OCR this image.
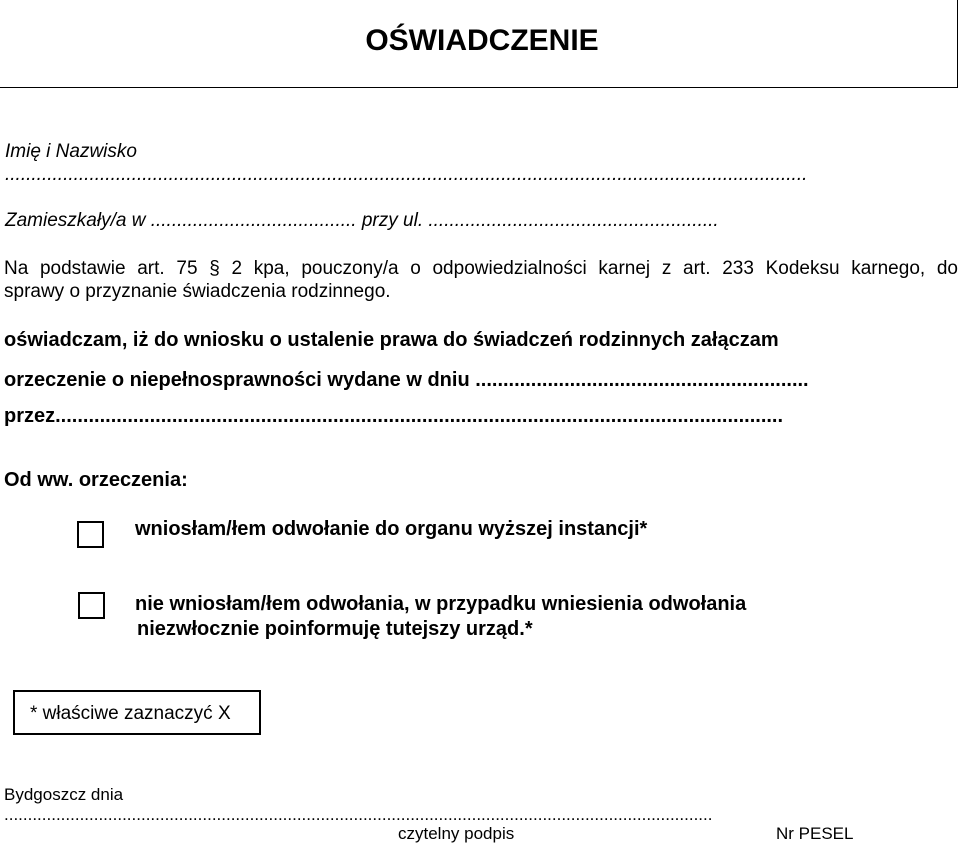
OŚWIADCZENIE
Imię i Nazwisko
........................................................................................................................................................
Zamieszkały/a w ....................................... przy ul. .......................................................
Na podstawie art. 75 § 2 kpa, pouczony/a o odpowiedzialności karnej z art. 233 Kodeksu karnego, do
sprawy o przyznanie świadczenia rodzinnego.
oświadczam, iż do wniosku o ustalenie prawa do świadczeń rodzinnych załączam
orzeczenie o niepełnosprawności wydane w dniu ............................................................
przez...................................................................................................................................
Od ww. orzeczenia:
wniosłam/łem odwołanie do organu wyższej instancji*
nie wniosłam/łem odwołania, w przypadku wniesienia odwołania
niezwłocznie poinformuję tutejszy urząd.*
* właściwe zaznaczyć X
Bydgoszcz dnia
......................................................................................................................................................
czytelny podpis	Nr PESEL
